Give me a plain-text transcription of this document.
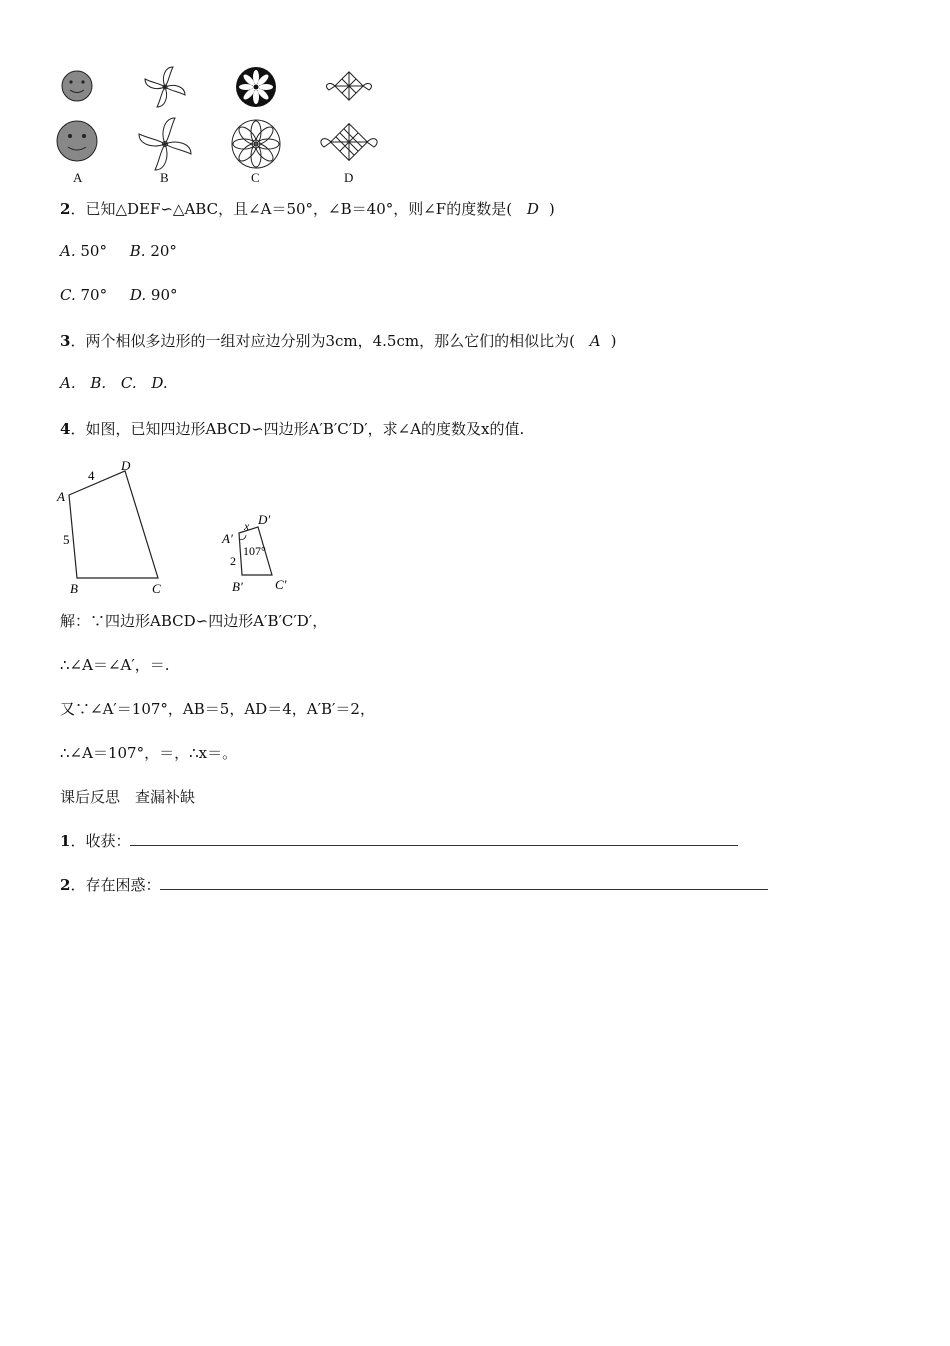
A	B	C	D
2．已知△DEF∽△ABC，且∠A＝50°，∠B＝40°，则∠F的度数是( D )
A. 50° B. 20°
C. 70° D. 90°
3．两个相似多边形的一组对应边分别为3cm，4.5cm，那么它们的相似比为( A )
A. B. C. D.
4．如图，已知四边形ABCD∽四边形A′B′C′D′，求∠A的度数及x的值.
A
B	C
D
4
5	A′
B′ C′
D′
x
2
107°
解：∵四边形ABCD∽四边形A′B′C′D′，
∴∠A＝∠A′，＝.
又∵∠A′＝107°，AB＝5，AD＝4，A′B′＝2，
∴∠A＝107°，＝，∴x＝。
课后反思　查漏补缺
1．收获：
2．存在困惑：
